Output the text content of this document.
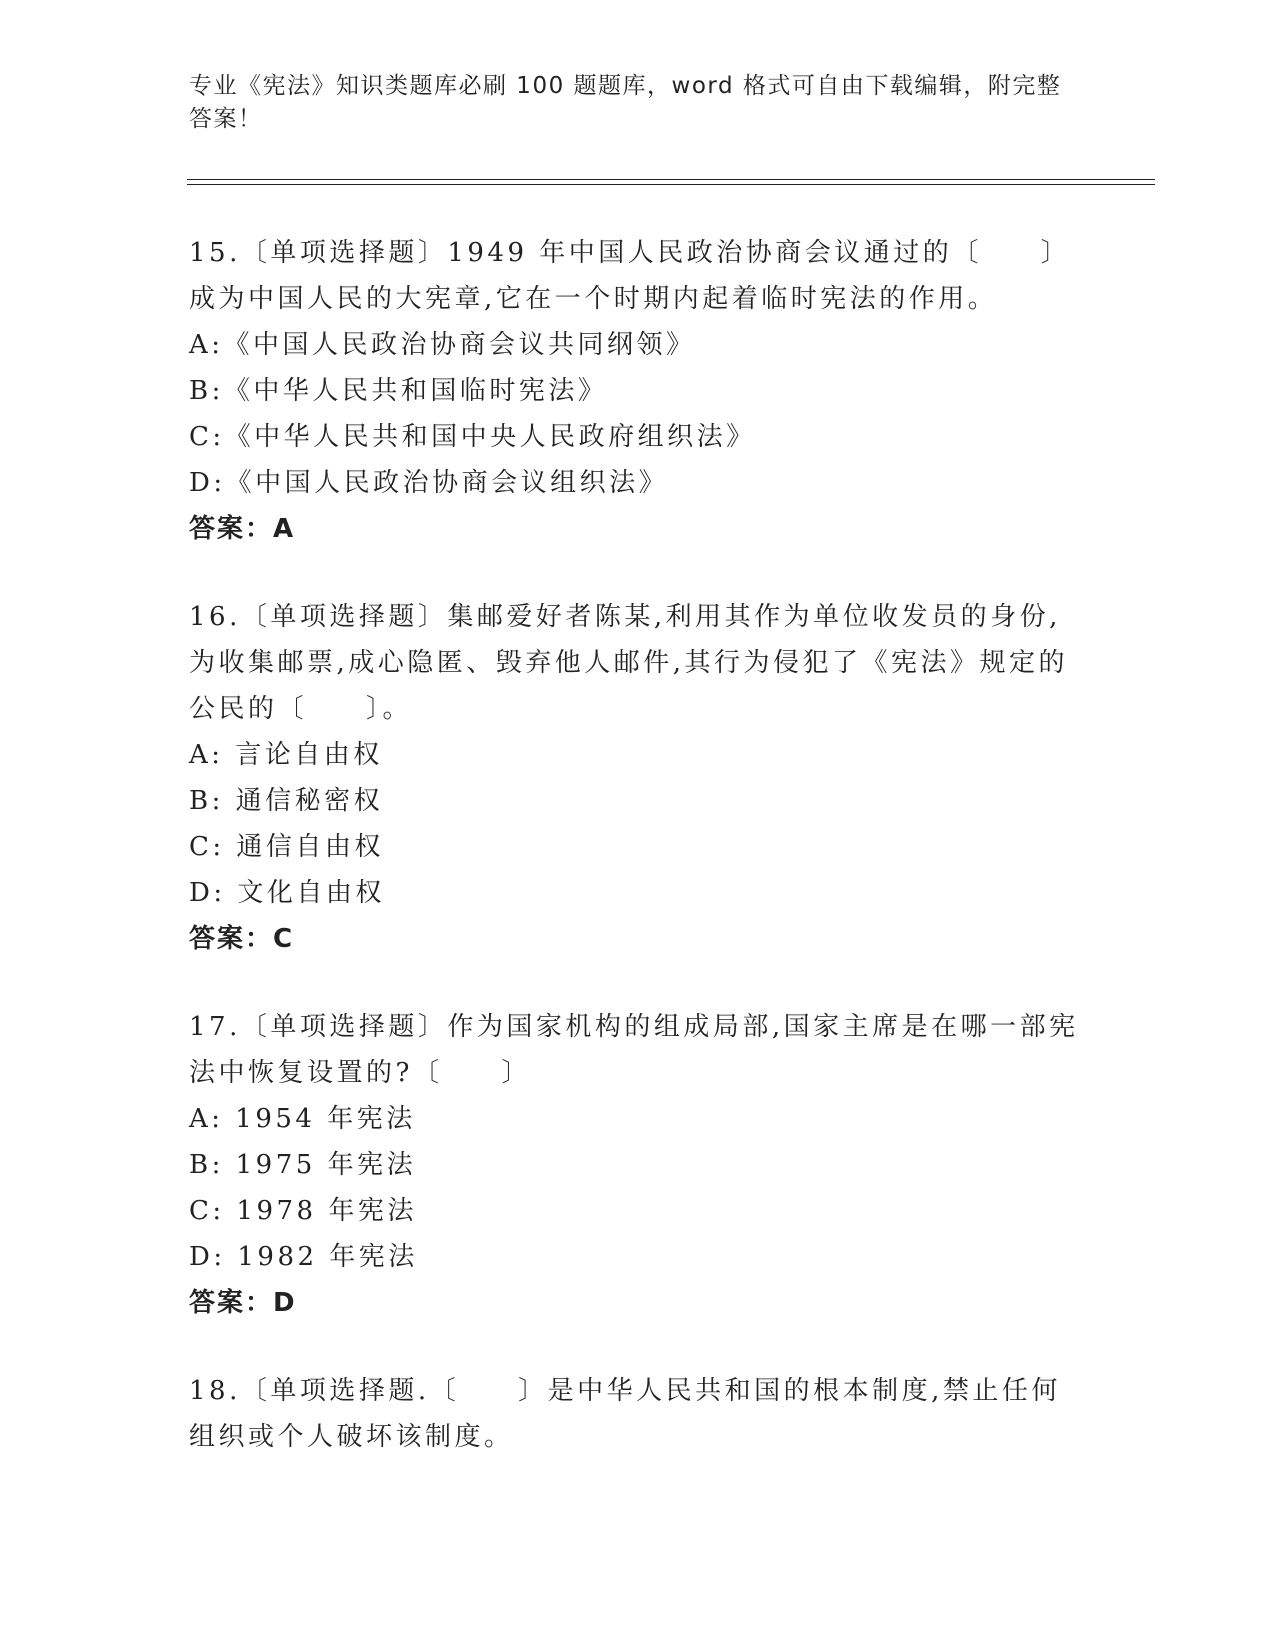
专业《宪法》知识类题库必刷 100 题题库，word 格式可自由下载编辑，附完整答案！
15.〔单项选择题〕1949 年中国人民政治协商会议通过的〔　　〕成为中国人民的大宪章,它在一个时期内起着临时宪法的作用。
A:《中国人民政治协商会议共同纲领》
B:《中华人民共和国临时宪法》
C:《中华人民共和国中央人民政府组织法》
D:《中国人民政治协商会议组织法》
答案：A
16.〔单项选择题〕集邮爱好者陈某,利用其作为单位收发员的身份,为收集邮票,成心隐匿、毁弃他人邮件,其行为侵犯了《宪法》规定的公民的〔　　〕。
A: 言论自由权
B: 通信秘密权
C: 通信自由权
D: 文化自由权
答案：C
17.〔单项选择题〕作为国家机构的组成局部,国家主席是在哪一部宪法中恢复设置的?〔　　〕
A: 1954 年宪法
B: 1975 年宪法
C: 1978 年宪法
D: 1982 年宪法
答案：D
18.〔单项选择题.〔　　〕是中华人民共和国的根本制度,禁止任何组织或个人破坏该制度。
